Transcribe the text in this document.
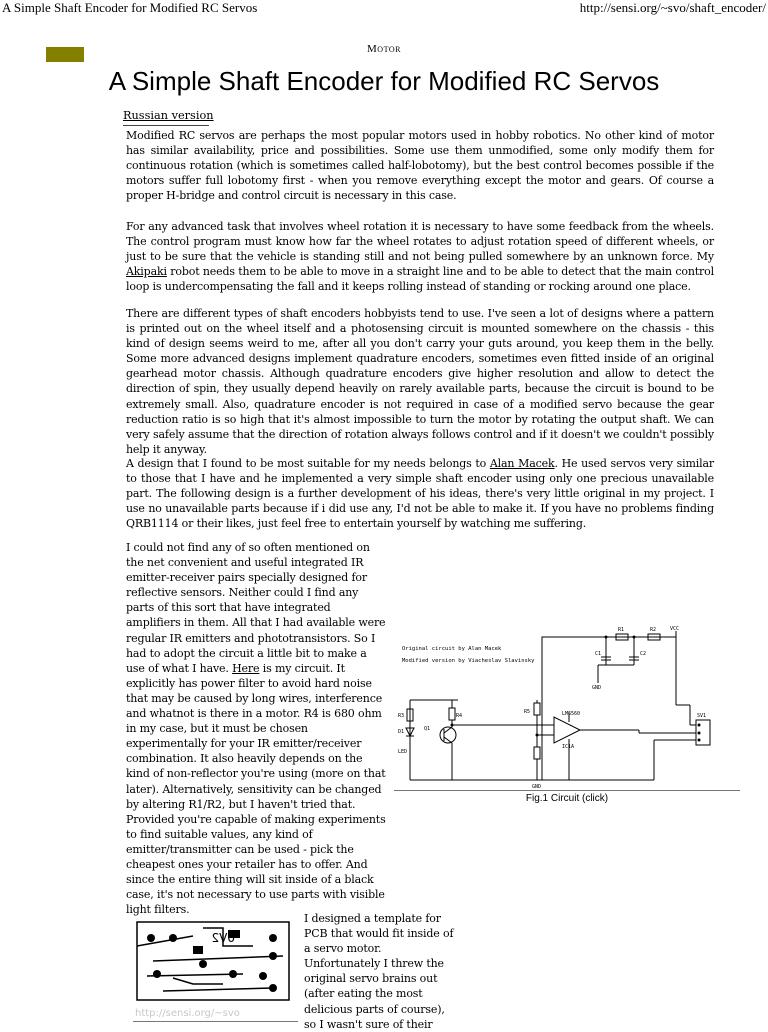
A Simple Shaft Encoder for Modified RC Servos	http://sensi.org/~svo/shaft_encoder/
Motor
A Simple Shaft Encoder for Modified RC Servos
Russian version

Modified RC servos are perhaps the most popular motors used in hobby robotics. No other kind of motor has similar availability, price and possibilities. Some use them unmodified, some only modify them for continuous rotation (which is sometimes called half-lobotomy), but the best control becomes possible if the motors suffer full lobotomy first - when you remove everything except the motor and gears. Of course a proper H-bridge and control circuit is necessary in this case.

For any advanced task that involves wheel rotation it is necessary to have some feedback from the wheels. The control program must know how far the wheel rotates to adjust rotation speed of different wheels, or just to be sure that the vehicle is standing still and not being pulled somewhere by an unknown force. My Akipaki robot needs them to be able to move in a straight line and to be able to detect that the main control loop is undercompensating the fall and it keeps rolling instead of standing or rocking around one place.

There are different types of shaft encoders hobbyists tend to use. I've seen a lot of designs where a pattern is printed out on the wheel itself and a photosensing circuit is mounted somewhere on the chassis - this kind of design seems weird to me, after all you don't carry your guts around, you keep them in the belly. Some more advanced designs implement quadrature encoders, sometimes even fitted inside of an original gearhead motor chassis. Although quadrature encoders give higher resolution and allow to detect the direction of spin, they usually depend heavily on rarely available parts, because the circuit is bound to be extremely small. Also, quadrature encoder is not required in case of a modified servo because the gear reduction ratio is so high that it's almost impossible to turn the motor by rotating the output shaft. We can very safely assume that the direction of rotation always follows control and if it doesn't we couldn't possibly help it anyway.

A design that I found to be most suitable for my needs belongs to Alan Macek. He used servos very similar to those that I have and he implemented a very simple shaft encoder using only one precious unavailable part. The following design is a further development of his ideas, there's very little original in my project. I use no unavailable parts because if i did use any, I'd not be able to make it. If you have no problems finding QRB1114 or their likes, just feel free to entertain yourself by watching me suffering.

I could not find any of so often mentioned on the net convenient and useful integrated IR emitter-receiver pairs specially designed for reflective sensors. Neither could I find any parts of this sort that have integrated amplifiers in them. All that I had available were regular IR emitters and phototransistors. So I had to adopt the circuit a little bit to make a use of what I have. Here is my circuit. It explicitly has power filter to avoid hard noise that may be caused by long wires, interference and whatnot is there in a motor. R4 is 680 ohm in my case, but it must be chosen experimentally for your IR emitter/receiver combination. It also heavily depends on the kind of non-reflector you're using (more on that later). Alternatively, sensitivity can be changed by altering R1/R2, but I haven't tried that. Provided you're capable of making experiments to find suitable values, any kind of emitter/transmitter can be used - pick the cheapest ones your retailer has to offer. And since the entire thing will sit inside of a black case, it's not necessary to use parts with visible light filters.

Original circuit by Alan Macek
Modified version by Viacheslav Slavinsky
VCC
GND
GND
LM6560
IC1A
SV1
R1	R2
C1	C2
Q1
D1
R3	R4
R5
LED
Fig.1 Circuit (click)
0V2
http://sensi.org/~svo

I designed a template for PCB that would fit inside of a servo motor. Unfortunately I threw the original servo brains out (after eating the most delicious parts of course), so I wasn't sure of their
